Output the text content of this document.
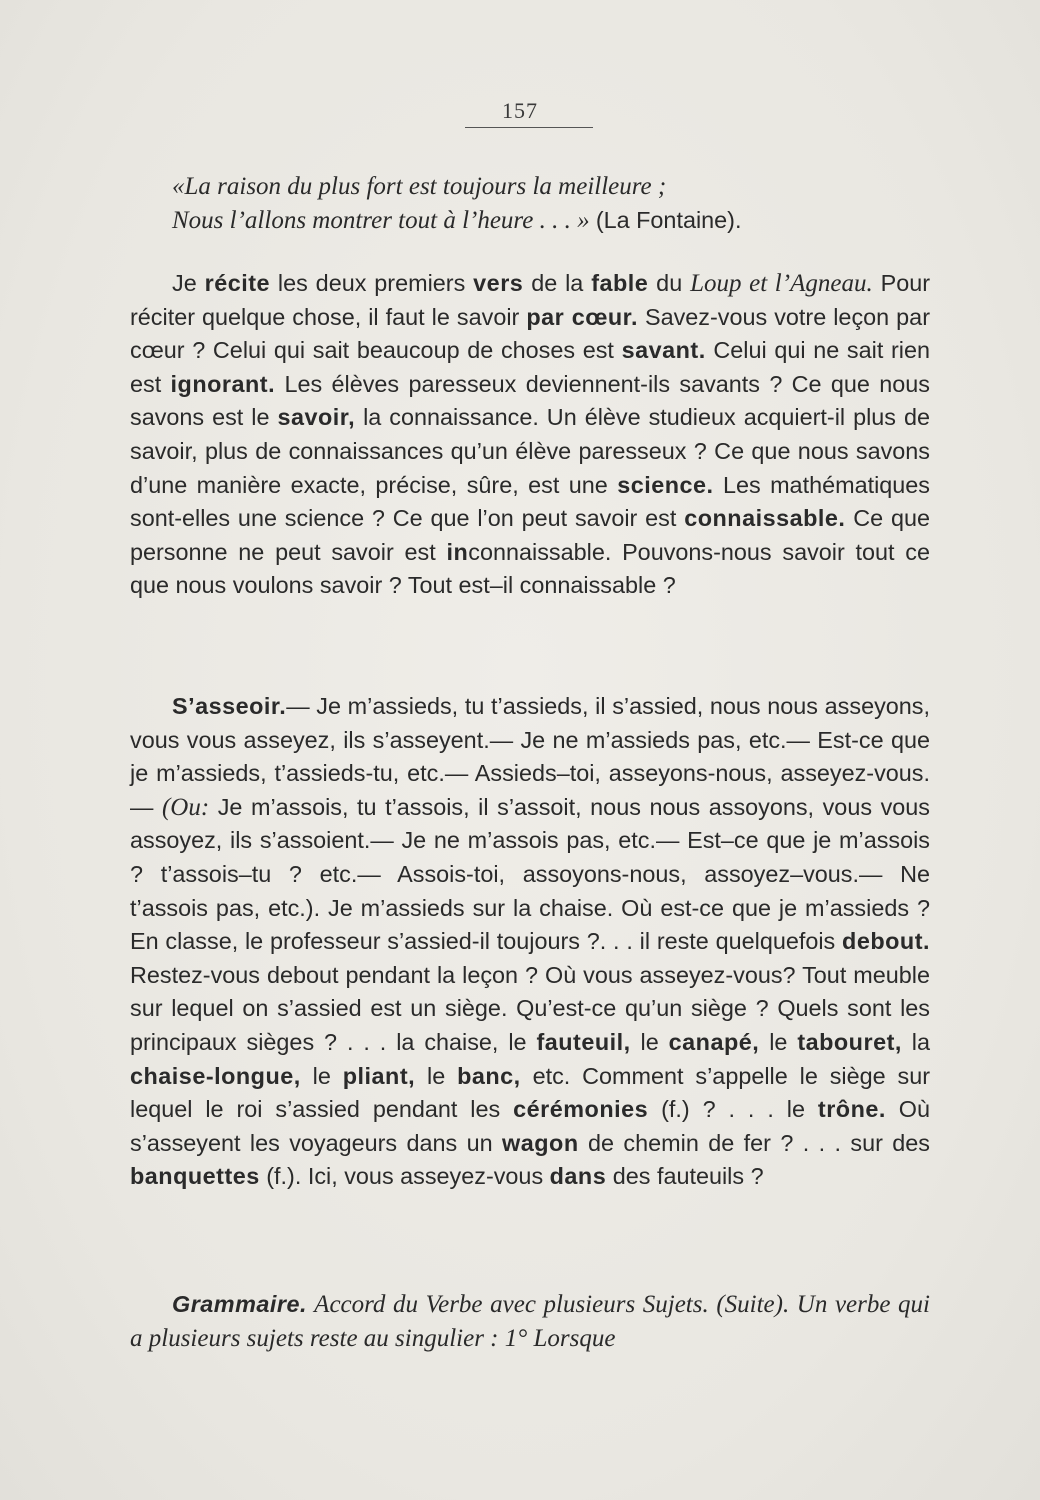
157
«La raison du plus fort est toujours la meilleure ;
Nous l’allons montrer tout à l’heure . . . » (La Fontaine).
Je récite les deux premiers vers de la fable du Loup et l’Agneau. Pour réciter quelque chose, il faut le savoir par cœur. Savez-vous votre leçon par cœur ? Celui qui sait beaucoup de choses est savant. Celui qui ne sait rien est ignorant. Les élèves paresseux deviennent-ils savants ? Ce que nous savons est le savoir, la connaissance. Un élève studieux acquiert-il plus de savoir, plus de connaissances qu’un élève paresseux ? Ce que nous savons d’une manière exacte, précise, sûre, est une science. Les mathématiques sont-elles une science ? Ce que l’on peut savoir est connaissable. Ce que personne ne peut savoir est inconnaissable. Pouvons-nous savoir tout ce que nous voulons savoir ? Tout est–il connaissable ?
S’asseoir.— Je m’assieds, tu t’assieds, il s’assied, nous nous asseyons, vous vous asseyez, ils s’asseyent.— Je ne m’assieds pas, etc.— Est-ce que je m’assieds, t’assieds-tu, etc.— Assieds–toi, asseyons-nous, asseyez-vous.— (Ou: Je m’assois, tu t’assois, il s’assoit, nous nous assoyons, vous vous assoyez, ils s’assoient.— Je ne m’assois pas, etc.— Est–ce que je m’assois ? t’assois–tu ? etc.— Assois-toi, assoyons-nous, assoyez–vous.— Ne t’assois pas, etc.). Je m’assieds sur la chaise. Où est-ce que je m’assieds ? En classe, le professeur s’assied-il toujours ?. . . il reste quelquefois debout. Restez-vous debout pendant la leçon ? Où vous asseyez-vous? Tout meuble sur lequel on s’assied est un siège. Qu’est-ce qu’un siège ? Quels sont les principaux sièges ? . . . la chaise, le fauteuil, le canapé, le tabouret, la chaise-longue, le pliant, le banc, etc. Comment s’appelle le siège sur lequel le roi s’assied pendant les cérémonies (f.) ? . . . le trône. Où s’asseyent les voyageurs dans un wagon de chemin de fer ? . . . sur des banquettes (f.). Ici, vous asseyez-vous dans des fauteuils ?
Grammaire. Accord du Verbe avec plusieurs Sujets. (Suite). Un verbe qui a plusieurs sujets reste au singulier : 1° Lorsque
